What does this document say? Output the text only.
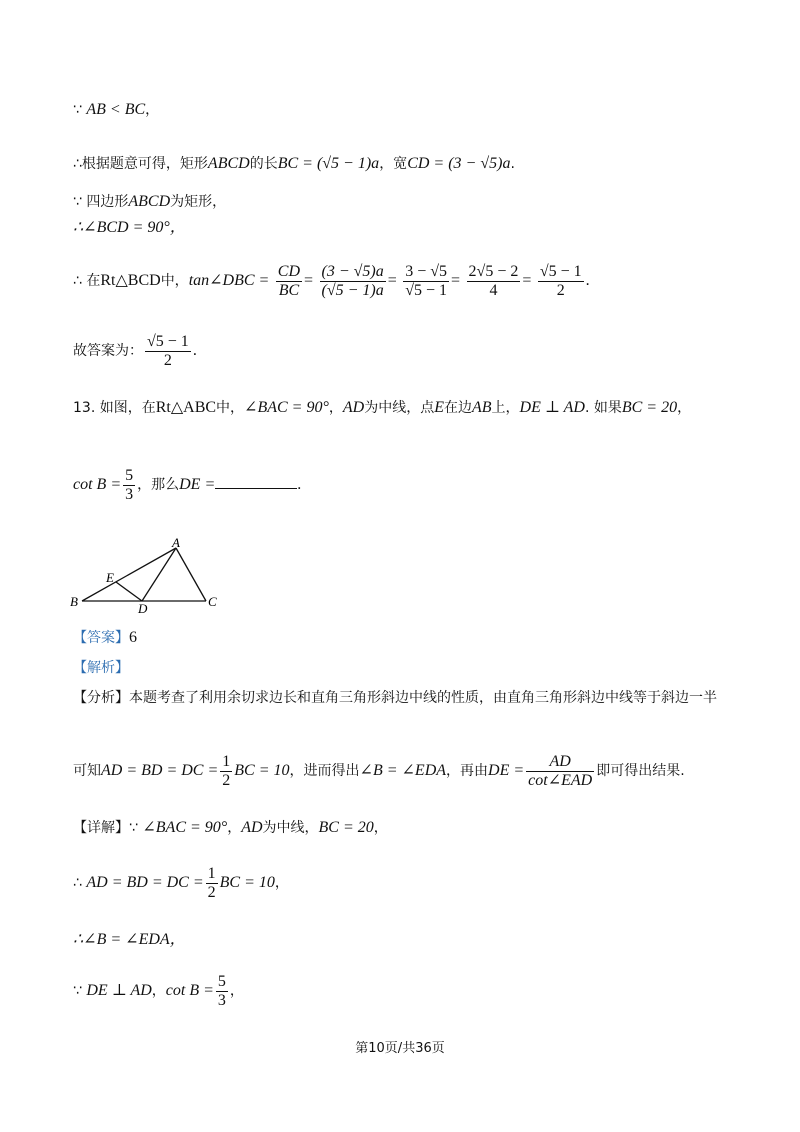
∵ AB < BC，
∴根据题意可得，矩形ABCD的长BC = (√5 − 1)a，宽CD = (3 − √5)a.
∵ 四边形ABCD为矩形，
∴∠BCD = 90°，
∴ 在Rt△BCD中，tan∠DBC = $\frac{CD}{BC} = \frac{(3 - √5)a}{(√5 - 1)a} = \frac{3 - √5}{√5 - 1} = \frac{2√5 - 2}{4} = \frac{√5 - 1}{2}$ .
故答案为： $\frac{√5 - 1}{2}$ .
13. 如图，在Rt△ABC中，∠BAC = 90°，AD为中线，点E在边AB上，DE ⊥ AD. 如果BC = 20，
$\cot B = \frac{5}{3}$ ，那么DE =	.
A
B	C
D
E
【答案】6
【解析】
【分析】本题考查了利用余切求边长和直角三角形斜边中线的性质，由直角三角形斜边中线等于斜边一半
可知AD = BD = DC = $\frac{1}{2}$ BC = 10，进而得出∠B = ∠EDA，再由DE = $\frac{AD}{\text{cot∠EAD}}$ 即可得出结果.
【详解】∵ ∠BAC = 90°，AD为中线，BC = 20，
∴ AD = BD = DC = $\frac{1}{2}$ BC = 10，
∴∠B = ∠EDA，
∵ DE ⊥ AD，$\cot B = \frac{5}{3}$ ，
第10页/共36页
